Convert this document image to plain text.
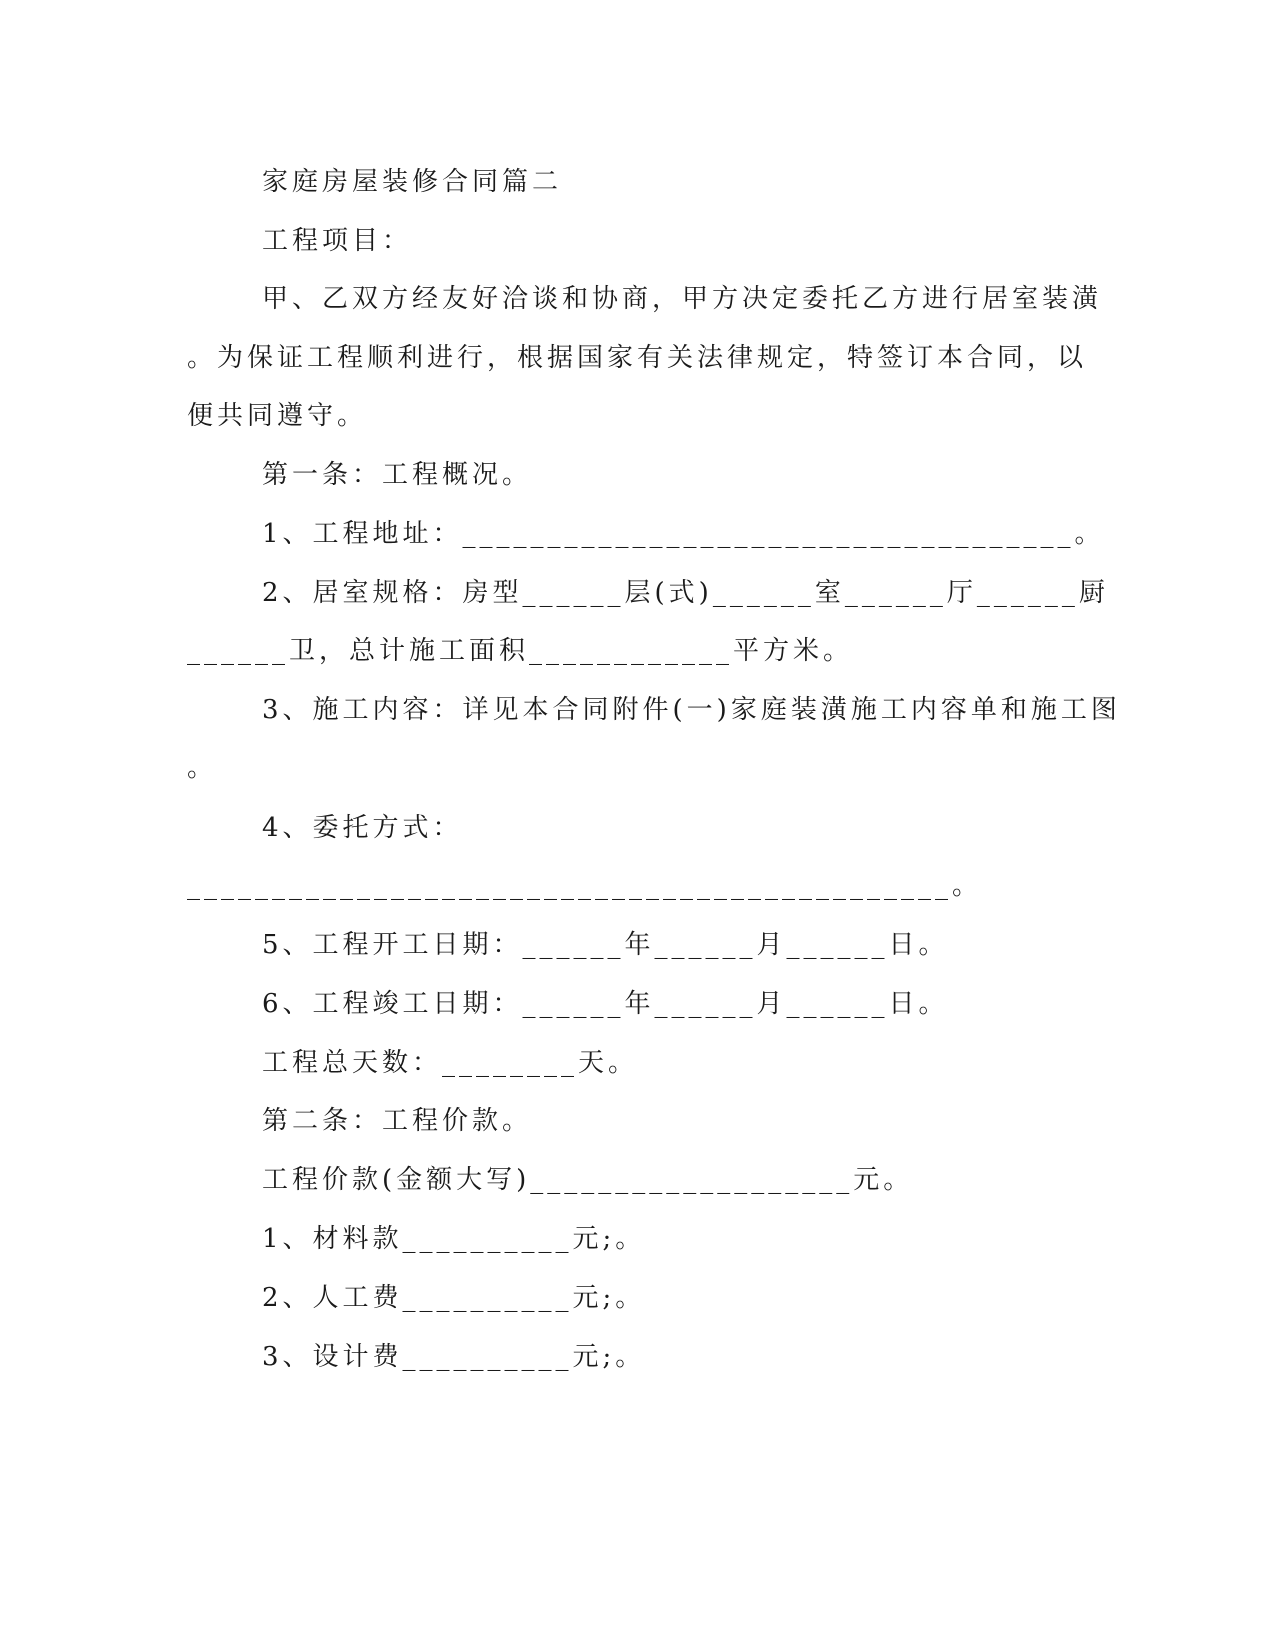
家庭房屋装修合同篇二
工程项目：
甲、乙双方经友好洽谈和协商，甲方决定委托乙方进行居室装潢
。为保证工程顺利进行，根据国家有关法律规定，特签订本合同，以
便共同遵守。
第一条：工程概况。
1、工程地址：____________________________________。
2、居室规格：房型______层(式)______室______厅______厨
______卫，总计施工面积____________平方米。
3、施工内容：详见本合同附件(一)家庭装潢施工内容单和施工图
。
4、委托方式：
_____________________________________________。
5、工程开工日期：______年______月______日。
6、工程竣工日期：______年______月______日。
工程总天数：________天。
第二条：工程价款。
工程价款(金额大写)___________________元。
1、材料款__________元;。
2、人工费__________元;。
3、设计费__________元;。
